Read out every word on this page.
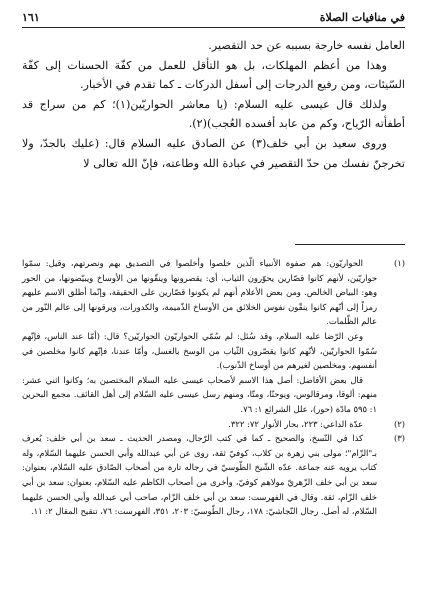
في منافيات الصلاة
١٦١

العامل نفسه خارجة بسببه عن حد التقصير.

وهذا من أعظم المهلكات، بل هو التأقل للعمل من كفّة الحسنات إلى كفّة السّيئات، ومن رفيع الدرجات إلى أسفل الدركات ـ كما تقدم في الأخبار.

ولذلك قال عيسى عليه السلام: (يا معاشر الحواريّين(١)؛ كم من سراج قد أطفأته الرّياح، وكم من عابد أفسده العُجب)(٢).

وروى سعيد بن أبي خلف(٣) عن الصادق عليه السلام قال: (عليك بالجدّ، ولا تخرجنّ نفسك من حدّ التقصير في عبادة الله وطاعته، فإنّ الله تعالى لا

(١)

الحواريّون: هم صفوة الأنبياء الّذين خلصوا وأخلصوا في التصديق بهم ونصرتهم، وقيل: سمّوا حواريّين، لأنهم كانوا قصّارين يحوّرون الثياب، أي: يقصرونها وينقّونها من الأوساخ ويبيّضونها، من الحور وهو: البياض الخالص. ومن بعض الأعلام أنهم لم يكونوا قصّارين على الحقيقة، وإنّما أطلق الاسم عليهم رمزاً إلى أنّهم كانوا ينقّون نفوس الخلائق من الأوساخ الذّميمة، والكدورات، ويرقونها إلى عالم النّور من عالم الظّلمات.

وعن الرّضا عليه السلام، وقد سُئل: لم سُمّي الحواريّون الحواريّين؟ قال: (أمّا عند الناس، فإنّهم سُمّوا الحواريّين، لأنّهم كانوا يقصّرون الثّياب من الوسخ بالغسل، وأمّا عندنا، فإنّهم كانوا مخلصين في أنفسهم، ومخلصين لغيرهم من أوساخ الذّنوب).

قال بعض الأفاضل: أصل هذا الاسم لأصحاب عيسى عليه السلام المختصين به؛ وكانوا اثني عشر: منهم: ألوقا، ومرقالوس، ويوحنّا، ومتّا، ومنهم رسل عيسى عليه السّلام إلى أهل القائف. مجمع البحرين ١: ٥٩٥ مادّة (حور)، علل الشرائع ١: ٧٦.

(٢)

عدّة الداعي: ٢٢٣، بحار الأنوار ٧٢: ٣٢٢.

(٣)

كذا في النّسخ، والصحيح ـ كما في كتب الرّجال، ومصدر الحديث ـ سعد بن أبي خلف: يُعرف بـ"الزّام"؛ مولى بني زهرة بن كلاب، كوفيّ ثقة، روى عن أبي عبدالله وأبي الحسن عليهما السّلام، وله كتاب يرويه عنه جماعة. عدّه الشّيخ الطّوسيّ في رجاله تارة من أصحاب الصّادق عليه السّلام، بعنوان: سعد بن أبي خلف الزّهريّ مولاهم كوفيّ، وأخرى من أصحاب الكاظم عليه السّلام، بعنوان: سعد بن أبي خلف الزّام، ثقة. وقال في الفهرست: سعد بن أبي خلف الزّام، صاحب أبي عبدالله وأبي الحسن عليهما السّلام، له أصل. رجال النّجاشيّ: ١٧٨، رجال الطّوسيّ: ٢٠٣، ٣٥١، الفهرست: ٧٦، تنقيح المقال ٢: ١١.
